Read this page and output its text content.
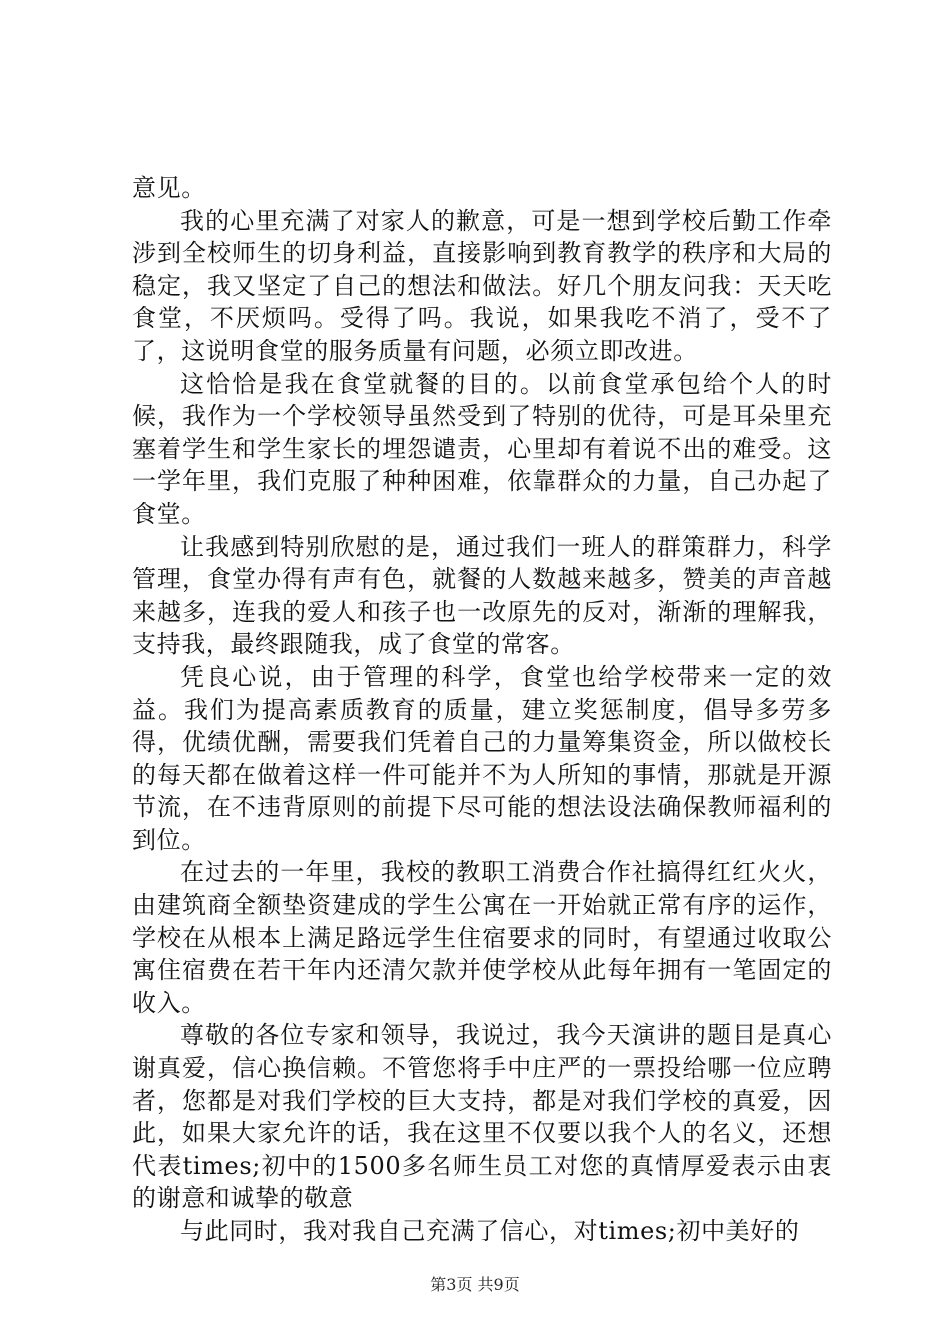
意见。

我的心里充满了对家人的歉意，可是一想到学校后勤工作牵涉到全校师生的切身利益，直接影响到教育教学的秩序和大局的稳定，我又坚定了自己的想法和做法。好几个朋友问我：天天吃食堂，不厌烦吗。受得了吗。我说，如果我吃不消了，受不了了，这说明食堂的服务质量有问题，必须立即改进。

这恰恰是我在食堂就餐的目的。以前食堂承包给个人的时候，我作为一个学校领导虽然受到了特别的优待，可是耳朵里充塞着学生和学生家长的埋怨谴责，心里却有着说不出的难受。这一学年里，我们克服了种种困难，依靠群众的力量，自己办起了食堂。

让我感到特别欣慰的是，通过我们一班人的群策群力，科学管理，食堂办得有声有色，就餐的人数越来越多，赞美的声音越来越多，连我的爱人和孩子也一改原先的反对，渐渐的理解我，支持我，最终跟随我，成了食堂的常客。

凭良心说，由于管理的科学，食堂也给学校带来一定的效益。我们为提高素质教育的质量，建立奖惩制度，倡导多劳多得，优绩优酬，需要我们凭着自己的力量筹集资金，所以做校长的每天都在做着这样一件可能并不为人所知的事情，那就是开源节流，在不违背原则的前提下尽可能的想法设法确保教师福利的到位。

在过去的一年里，我校的教职工消费合作社搞得红红火火，由建筑商全额垫资建成的学生公寓在一开始就正常有序的运作，学校在从根本上满足路远学生住宿要求的同时，有望通过收取公寓住宿费在若干年内还清欠款并使学校从此每年拥有一笔固定的收入。

尊敬的各位专家和领导，我说过，我今天演讲的题目是真心谢真爱，信心换信赖。不管您将手中庄严的一票投给哪一位应聘者，您都是对我们学校的巨大支持，都是对我们学校的真爱，因此，如果大家允许的话，我在这里不仅要以我个人的名义，还想代表times;初中的1500多名师生员工对您的真情厚爱表示由衷的谢意和诚挚的敬意

与此同时，我对我自己充满了信心，对times;初中美好的

第3页 共9页
